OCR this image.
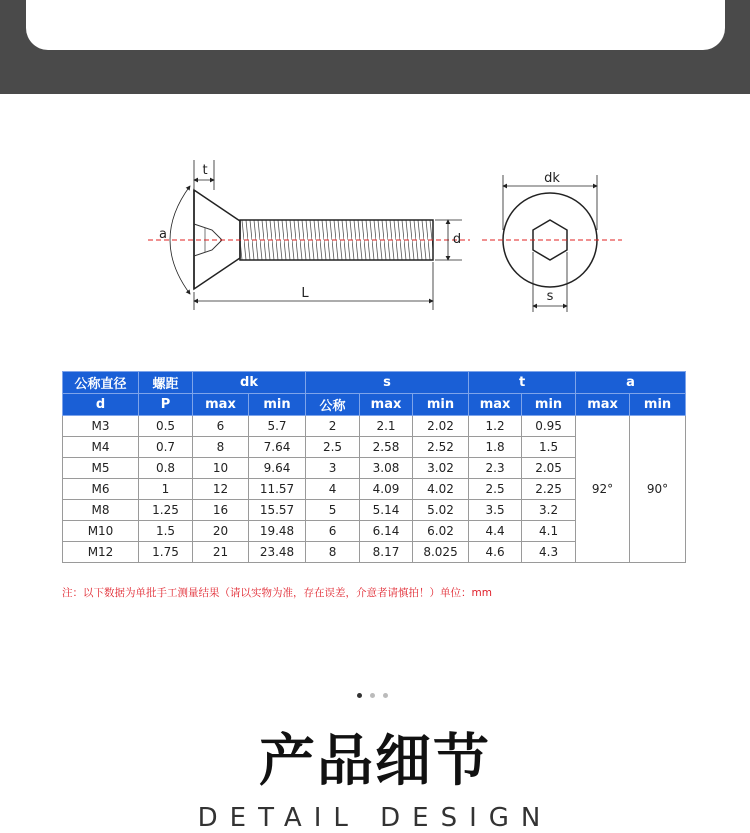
t
a	d
L
dk
s
公称直径	螺距	dk		s			t		a	
d	P	max	min	公称	max	min	max	min	max	min
M3	0.5	6	5.7	2	2.1	2.02	1.2	0.95	92°	90°
M4	0.7	8	7.64	2.5	2.58	2.52	1.8	1.5		
M5	0.8	10	9.64	3	3.08	3.02	2.3	2.05		
M6	1	12	11.57	4	4.09	4.02	2.5	2.25		
M8	1.25	16	15.57	5	5.14	5.02	3.5	3.2		
M10	1.5	20	19.48	6	6.14	6.02	4.4	4.1		
M12	1.75	21	23.48	8	8.17	8.025	4.6	4.3		
注：以下数据为单批手工测量结果（请以实物为准，存在误差，介意者请慎拍！）单位：mm
产品细节
DETAIL DESIGN
